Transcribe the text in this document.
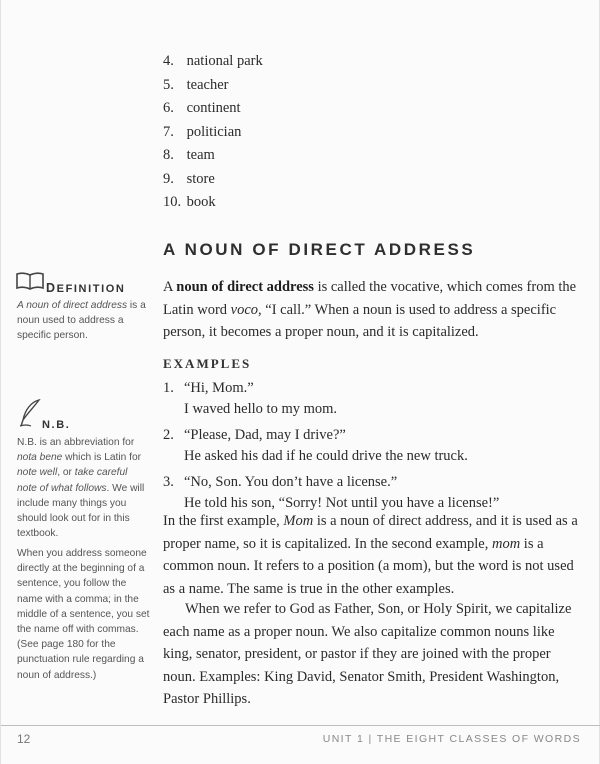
4. national park
5. teacher
6. continent
7. politician
8. team
9. store
10. book
A NOUN OF DIRECT ADDRESS

A noun of direct address is called the vocative, which comes from the Latin word voco, “I call.” When a noun is used to address a specific person, it becomes a proper noun, and it is capitalized.

EXAMPLES
1. “Hi, Mom.”
I waved hello to my mom.
2. “Please, Dad, may I drive?”
He asked his dad if he could drive the new truck.
3. “No, Son. You don’t have a license.”
He told his son, “Sorry! Not until you have a license!”

In the first example, Mom is a noun of direct address, and it is used as a proper name, so it is capitalized. In the second example, mom is a common noun. It refers to a position (a mom), but the word is not used as a name. The same is true in the other examples.

When we refer to God as Father, Son, or Holy Spirit, we capitalize each name as a proper noun. We also capitalize common nouns like king, senator, president, or pastor if they are joined with the proper noun. Examples: King David, Senator Smith, President Washington, Pastor Phillips.

DEFINITION

A noun of direct address is a noun used to address a specific person.

N.B.

N.B. is an abbreviation for nota bene which is Latin for note well, or take careful note of what follows. We will include many things you should look out for in this textbook.

When you address someone directly at the beginning of a sentence, you follow the name with a comma; in the middle of a sentence, you set the name off with commas. (See page 180 for the punctuation rule regarding a noun of address.)

12	UNIT 1 | THE EIGHT CLASSES OF WORDS
